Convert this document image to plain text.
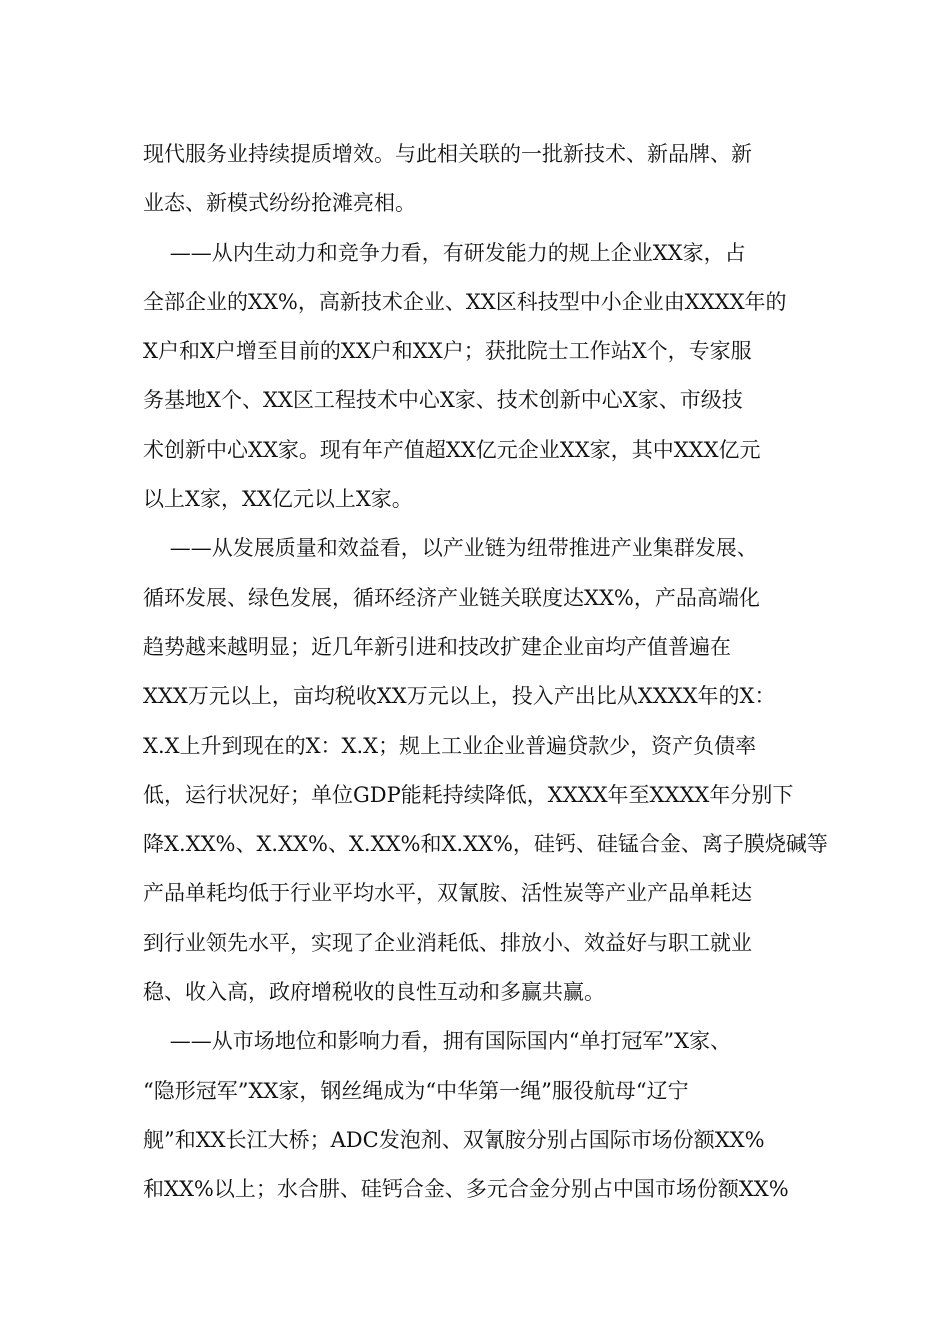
现代服务业持续提质增效。与此相关联的一批新技术、新品牌、新
业态、新模式纷纷抢滩亮相。
——从内生动力和竞争力看，有研发能力的规上企业XX家，占
全部企业的XX%，高新技术企业、XX区科技型中小企业由XXXX年的
X户和X户增至目前的XX户和XX户；获批院士工作站X个，专家服
务基地X个、XX区工程技术中心X家、技术创新中心X家、市级技
术创新中心XX家。现有年产值超XX亿元企业XX家，其中XXX亿元
以上X家，XX亿元以上X家。
——从发展质量和效益看，以产业链为纽带推进产业集群发展、
循环发展、绿色发展，循环经济产业链关联度达XX%，产品高端化
趋势越来越明显；近几年新引进和技改扩建企业亩均产值普遍在
XXX万元以上，亩均税收XX万元以上，投入产出比从XXXX年的X：
X.X上升到现在的X：X.X；规上工业企业普遍贷款少，资产负债率
低，运行状况好；单位GDP能耗持续降低，XXXX年至XXXX年分别下
降X.XX%、X.XX%、X.XX%和X.XX%，硅钙、硅锰合金、离子膜烧碱等
产品单耗均低于行业平均水平，双氰胺、活性炭等产业产品单耗达
到行业领先水平，实现了企业消耗低、排放小、效益好与职工就业
稳、收入高，政府增税收的良性互动和多赢共赢。
——从市场地位和影响力看，拥有国际国内“单打冠军”X家、
“隐形冠军”XX家，钢丝绳成为“中华第一绳”服役航母“辽宁
舰”和XX长江大桥；ADC发泡剂、双氰胺分别占国际市场份额XX%
和XX%以上；水合肼、硅钙合金、多元合金分别占中国市场份额XX%
